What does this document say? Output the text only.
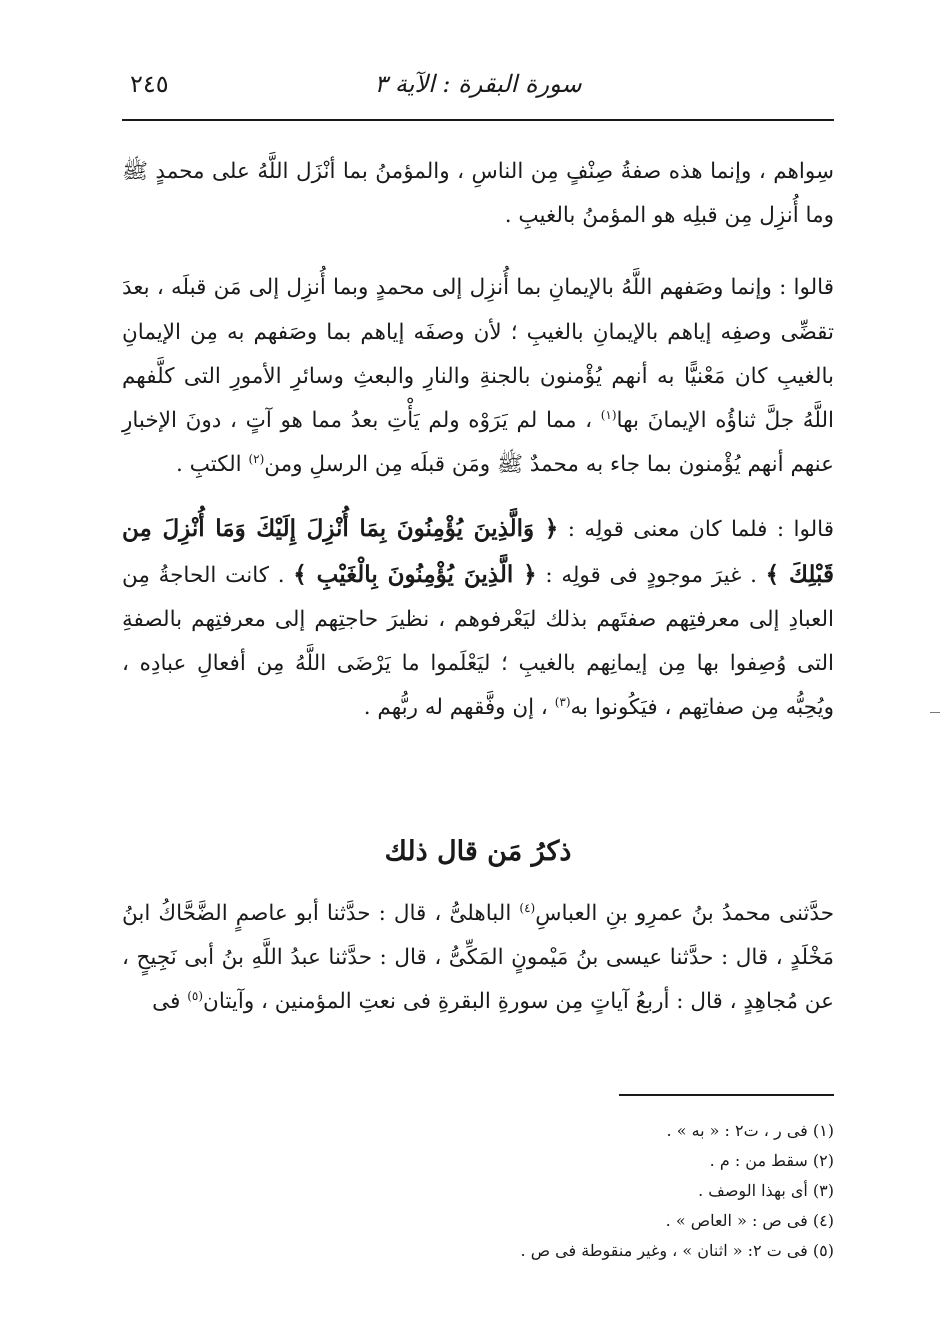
سورة البقرة : الآية ٣
٢٤٥

سِواهم ، وإنما هذه صفةُ صِنْفٍ مِن الناسِ ، والمؤمنُ بما أنْزَل اللَّهُ على محمدٍ ﷺ وما أُنزِل مِن قبلِه هو المؤمنُ بالغيبِ .

قالوا : وإنما وصَفهم اللَّهُ بالإيمانِ بما أُنزِل إلى محمدٍ وبما أُنزِل إلى مَن قبلَه ، بعدَ تقضِّى وصفِه إياهم بالإيمانِ بالغيبِ ؛ لأن وصفَه إياهم بما وصَفهم به مِن الإيمانِ بالغيبِ كان مَعْنيًّا به أنهم يُؤْمنون بالجنةِ والنارِ والبعثِ وسائرِ الأمورِ التى كلَّفهم اللَّهُ جلَّ ثناؤُه الإيمانَ بها$^{(١)}$ ، مما لم يَرَوْه ولم يَأْتِ بعدُ مما هو آتٍ ، دونَ الإخبارِ عنهم أنهم يُؤْمنون بما جاء به محمدٌ ﷺ ومَن قبلَه مِن الرسلِ ومن$^{(٢)}$ الكتبِ .

قالوا : فلما كان معنى قولِه : ﴿ وَالَّذِينَ يُؤْمِنُونَ بِمَا أُنْزِلَ إِلَيْكَ وَمَا أُنْزِلَ مِن قَبْلِكَ ﴾ . غيرَ موجودٍ فى قولِه : ﴿ الَّذِينَ يُؤْمِنُونَ بِالْغَيْبِ ﴾ . كانت الحاجةُ مِن العبادِ إلى معرفتِهم صفتَهم بذلك ليَعْرفوهم ، نظيرَ حاجتِهم إلى معرفتِهم بالصفةِ التى وُصِفوا بها مِن إيمانِهم بالغيبِ ؛ ليَعْلَموا ما يَرْضَى اللَّهُ مِن أفعالِ عبادِه ، ويُحِبُّه مِن صفاتِهم ، فيَكُونوا به$^{(٣)}$ ، إن وفَّقهم له ربُّهم .

ذكرُ مَن قال ذلك

حدَّثنى محمدُ بنُ عمرِو بنِ العباسِ$^{(٤)}$ الباهلىُّ ، قال : حدَّثنا أبو عاصمٍ الضَّحَّاكُ ابنُ مَخْلَدٍ ، قال : حدَّثنا عيسى بنُ مَيْمونٍ المَكِّىُّ ، قال : حدَّثنا عبدُ اللَّهِ بنُ أبى نَجِيحٍ ، عن مُجاهِدٍ ، قال : أربعُ آياتٍ مِن سورةِ البقرةِ فى نعتِ المؤمنين ، وآيتان$^{(٥)}$ فى

(١) فى ر ، ت٢ : « به » .

(٢) سقط من : م .

(٣) أى بهذا الوصف .

(٤) فى ص : « العاص » .

(٥) فى ت ٢: « اثنان » ، وغير منقوطة فى ص .
